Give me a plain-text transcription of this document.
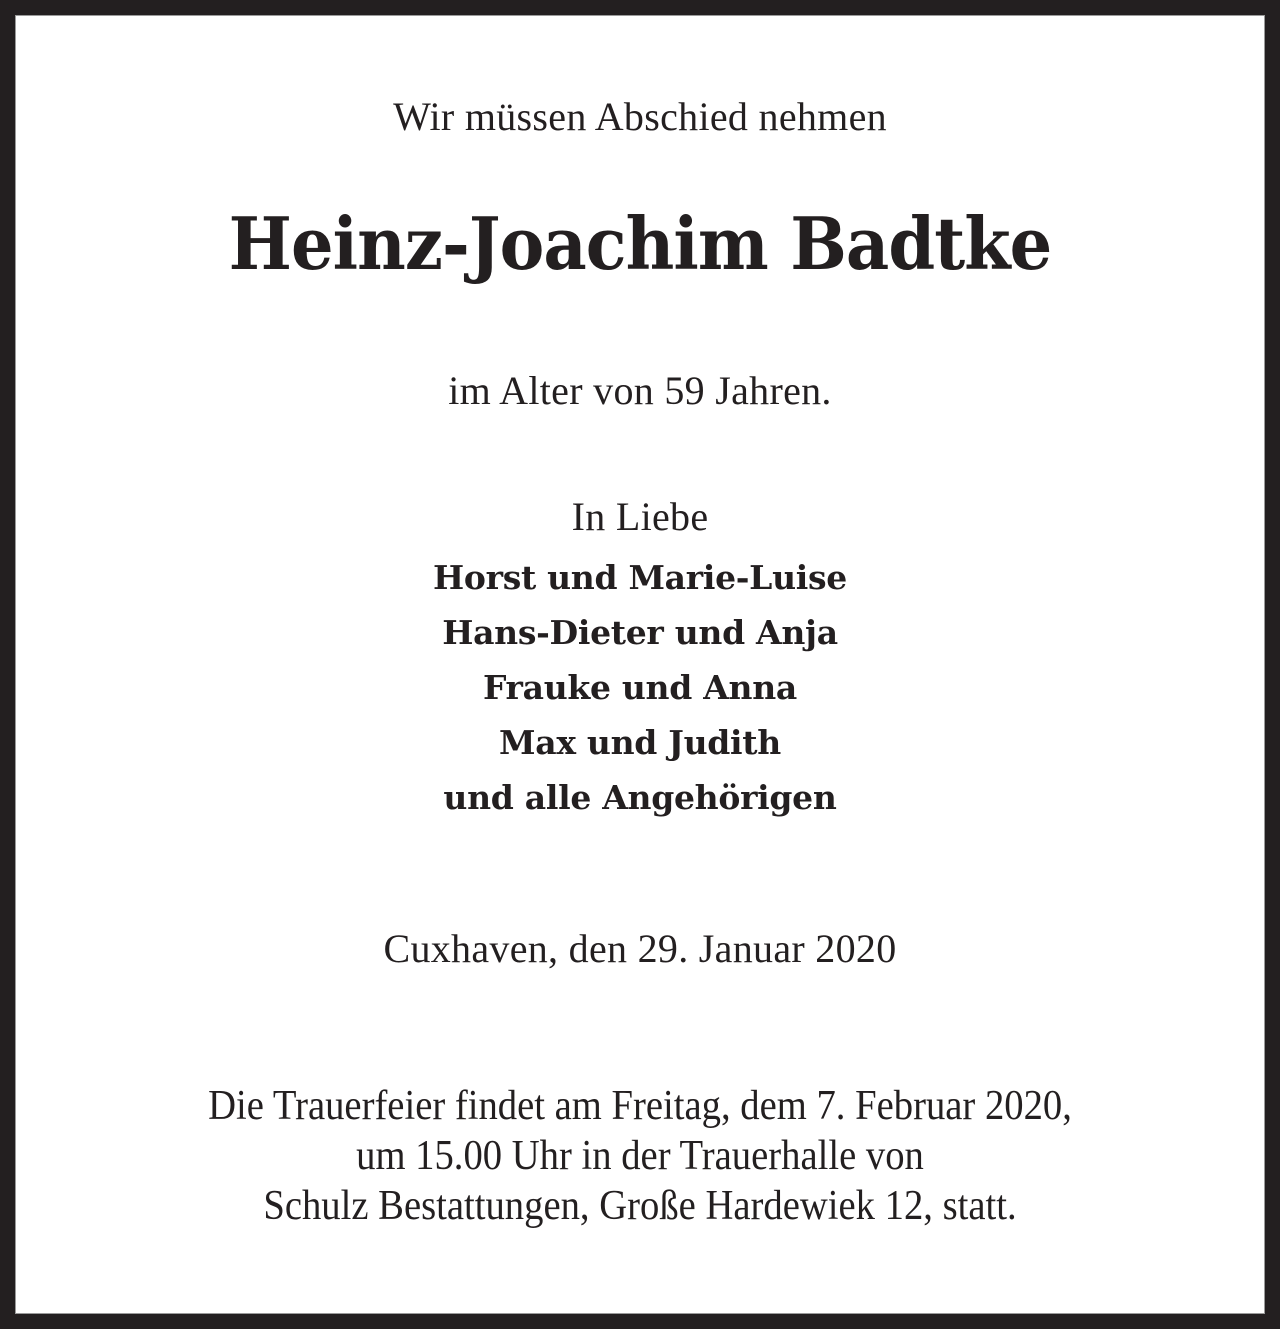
Wir müssen Abschied nehmen
Heinz-Joachim Badtke
im Alter von 59 Jahren.
In Liebe
Horst und Marie-Luise
Hans-Dieter und Anja
Frauke und Anna
Max und Judith
und alle Angehörigen
Cuxhaven, den 29. Januar 2020
Die Trauerfeier findet am Freitag, dem 7. Februar 2020,
um 15.00 Uhr in der Trauerhalle von
Schulz Bestattungen, Große Hardewiek 12, statt.
